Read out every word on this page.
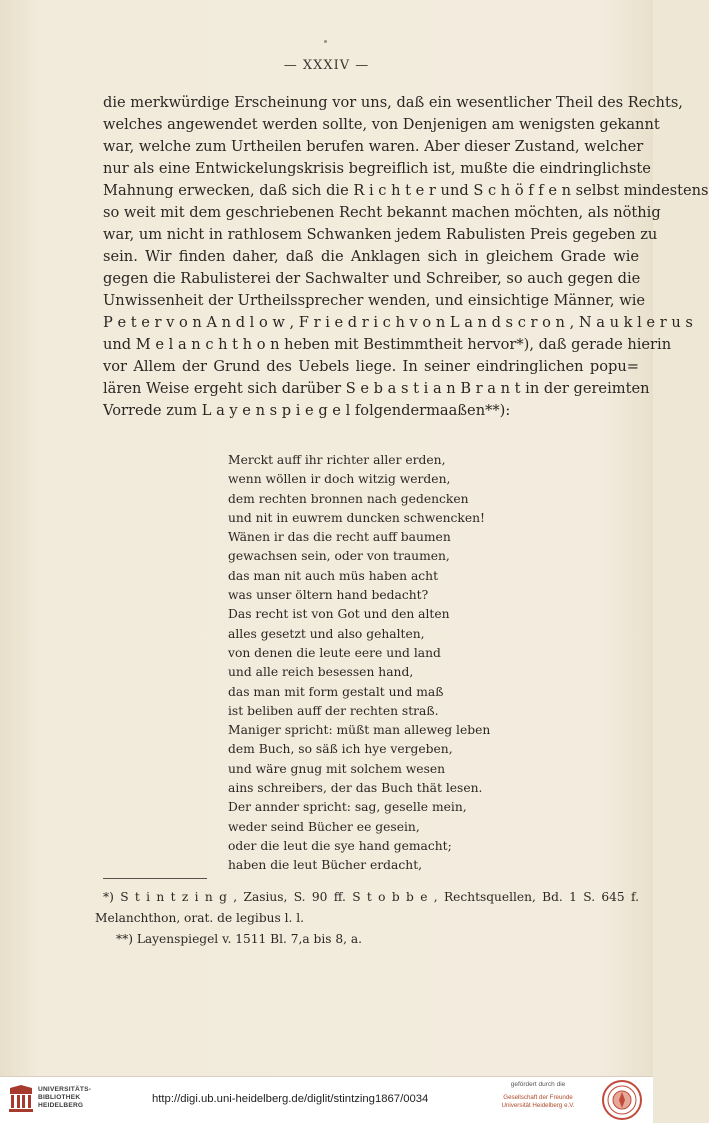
— XXXIV —
die merkwürdige Erscheinung vor uns, daß ein wesentlicher Theil des Rechts,
welches angewendet werden sollte, von Denjenigen am wenigsten gekannt
war, welche zum Urtheilen berufen waren. Aber dieser Zustand, welcher
nur als eine Entwickelungskrisis begreiflich ist, mußte die eindringlichste
Mahnung erwecken, daß sich die R i c h t e r und S c h ö f f e n selbst mindestens
so weit mit dem geschriebenen Recht bekannt machen möchten, als nöthig
war, um nicht in rathlosem Schwanken jedem Rabulisten Preis gegeben zu
sein. Wir finden daher, daß die Anklagen sich in gleichem Grade wie
gegen die Rabulisterei der Sachwalter und Schreiber, so auch gegen die
Unwissenheit der Urtheilssprecher wenden, und einsichtige Männer, wie
P e t e r v o n A n d l o w , F r i e d r i c h v o n L a n d s c r o n , N a u k l e r u s
und M e l a n c h t h o n heben mit Bestimmtheit hervor*), daß gerade hierin
vor Allem der Grund des Uebels liege. In seiner eindringlichen popu=
lären Weise ergeht sich darüber S e b a s t i a n B r a n t in der gereimten
Vorrede zum L a y e n s p i e g e l folgendermaaßen**):
Merckt auff ihr richter aller erden,
wenn wöllen ir doch witzig werden,
dem rechten bronnen nach gedencken
und nit in euwrem duncken schwencken!
Wänen ir das die recht auff baumen
gewachsen sein, oder von traumen,
das man nit auch müs haben acht
was unser öltern hand bedacht?
Das recht ist von Got und den alten
alles gesetzt und also gehalten,
von denen die leute eere und land
und alle reich besessen hand,
das man mit form gestalt und maß
ist beliben auff der rechten straß.
Maniger spricht: müßt man alleweg leben
dem Buch, so säß ich hye vergeben,
und wäre gnug mit solchem wesen
ains schreibers, der das Buch thät lesen.
Der annder spricht: sag, geselle mein,
weder seind Bücher ee gesein,
oder die leut die sye hand gemacht;
haben die leut Bücher erdacht,
*) S t i n t z i n g , Zasius, S. 90 ff. S t o b b e , Rechtsquellen, Bd. 1 S. 645 f.
Melanchthon, orat. de legibus l. l.
**) Layenspiegel v. 1511 Bl. 7,a bis 8, a.
UNIVERSITÄTS-
BIBLIOTHEK
HEIDELBERG
http://digi.ub.uni-heidelberg.de/diglit/stintzing1867/0034
gefördert durch die
Gesellschaft der Freunde
Universität Heidelberg e.V.
